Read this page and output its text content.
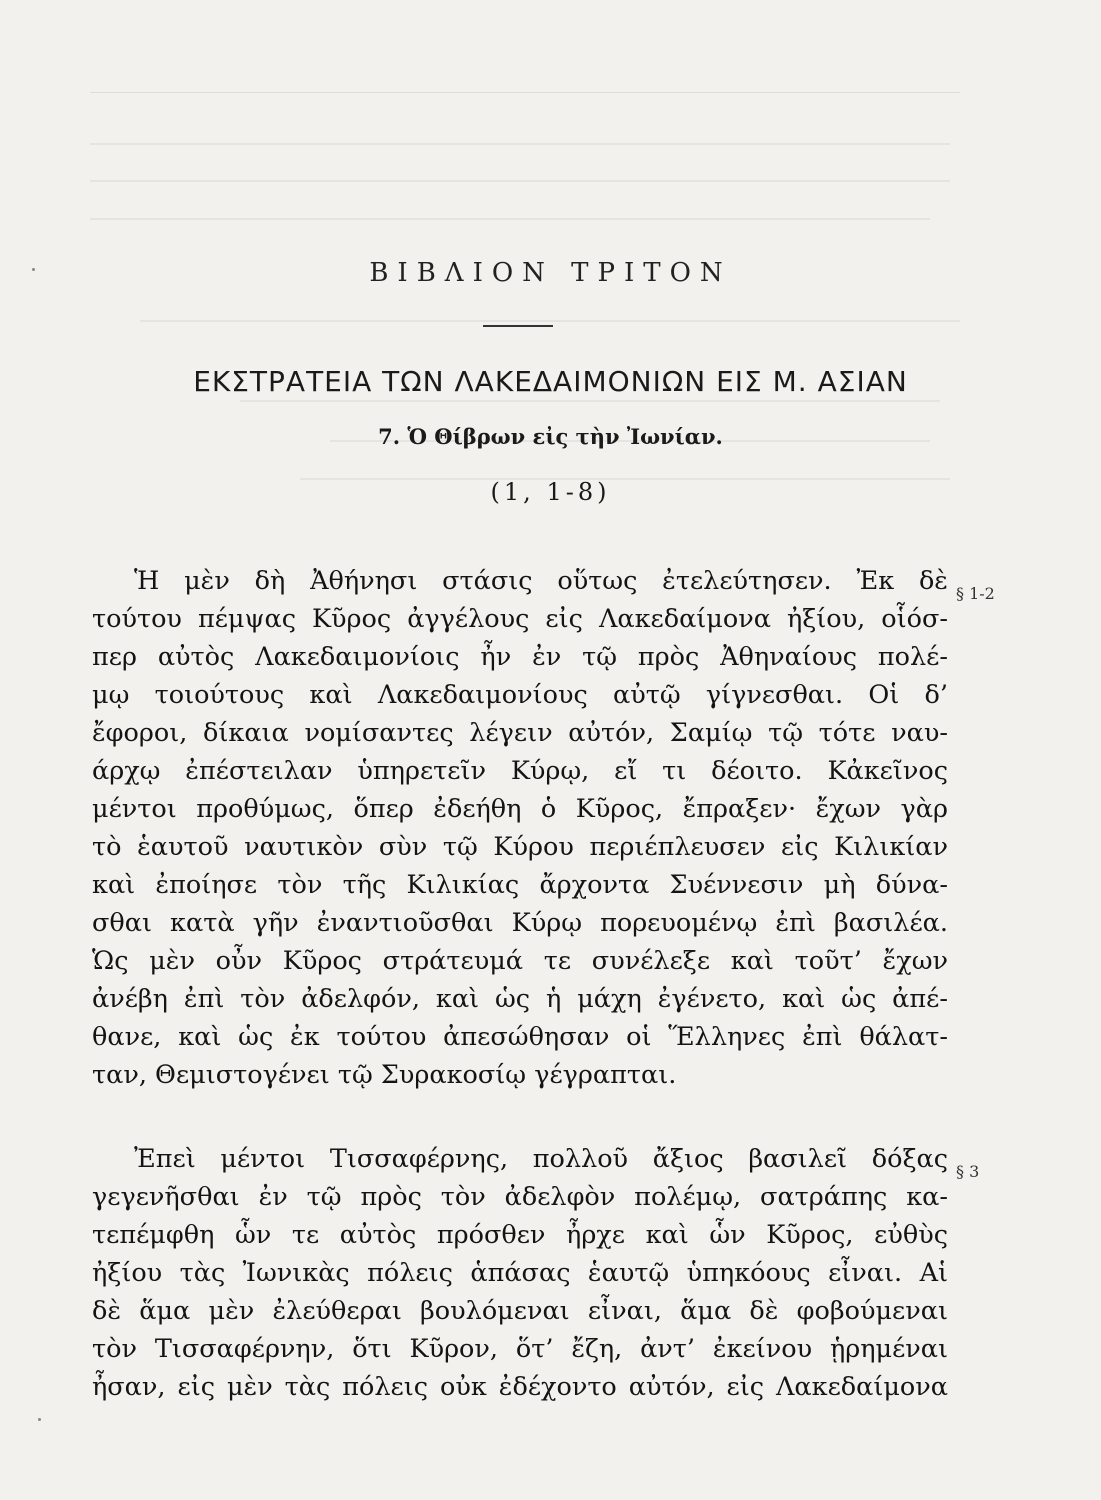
ΒΙΒΛΙΟΝ ΤΡΙΤΟΝ
ΕΚΣΤΡΑΤΕΙΑ ΤΩΝ ΛΑΚΕΔΑΙΜΟΝΙΩΝ ΕΙΣ Μ. ΑΣΙΑΝ
7. Ὁ Θίβρων εἰς τὴν Ἰωνίαν.
(1, 1-8)
§ 1-2
§ 3
Ἡ μὲν δὴ Ἀθήνησι στάσις οὕτως ἐτελεύτησεν. Ἐκ δὲ
τούτου πέμψας Κῦρος ἀγγέλους εἰς Λακεδαίμονα ἠξίου, οἷόσ-
περ αὐτὸς Λακεδαιμονίοις ἦν ἐν τῷ πρὸς Ἀθηναίους πολέ-
μῳ τοιούτους καὶ Λακεδαιμονίους αὐτῷ γίγνεσθαι. Οἱ δ’
ἔφοροι, δίκαια νομίσαντες λέγειν αὐτόν, Σαμίῳ τῷ τότε ναυ-
άρχῳ ἐπέστειλαν ὑπηρετεῖν Κύρῳ, εἴ τι δέοιτο. Κἀκεῖνος
μέντοι προθύμως, ὅπερ ἐδεήθη ὁ Κῦρος, ἔπραξεν· ἔχων γὰρ
τὸ ἑαυτοῦ ναυτικὸν σὺν τῷ Κύρου περιέπλευσεν εἰς Κιλικίαν
καὶ ἐποίησε τὸν τῆς Κιλικίας ἄρχοντα Συέννεσιν μὴ δύνα-
σθαι κατὰ γῆν ἐναντιοῦσθαι Κύρῳ πορευομένῳ ἐπὶ βασιλέα.
Ὡς μὲν οὖν Κῦρος στράτευμά τε συνέλεξε καὶ τοῦτ’ ἔχων
ἀνέβη ἐπὶ τὸν ἀδελφόν, καὶ ὡς ἡ μάχη ἐγένετο, καὶ ὡς ἀπέ-
θανε, καὶ ὡς ἐκ τούτου ἀπεσώθησαν οἱ Ἕλληνες ἐπὶ θάλατ-
ταν, Θεμιστογένει τῷ Συρακοσίῳ γέγραπται.
Ἐπεὶ μέντοι Τισσαφέρνης, πολλοῦ ἄξιος βασιλεῖ δόξας
γεγενῆσθαι ἐν τῷ πρὸς τὸν ἀδελφὸν πολέμῳ, σατράπης κα-
τεπέμφθη ὧν τε αὐτὸς πρόσθεν ἦρχε καὶ ὧν Κῦρος, εὐθὺς
ἠξίου τὰς Ἰωνικὰς πόλεις ἁπάσας ἑαυτῷ ὑπηκόους εἶναι. Αἱ
δὲ ἅμα μὲν ἐλεύθεραι βουλόμεναι εἶναι, ἅμα δὲ φοβούμεναι
τὸν Τισσαφέρνην, ὅτι Κῦρον, ὅτ’ ἔζη, ἀντ’ ἐκείνου ᾑρημέναι
ἦσαν, εἰς μὲν τὰς πόλεις οὐκ ἐδέχοντο αὐτόν, εἰς Λακεδαίμονα
